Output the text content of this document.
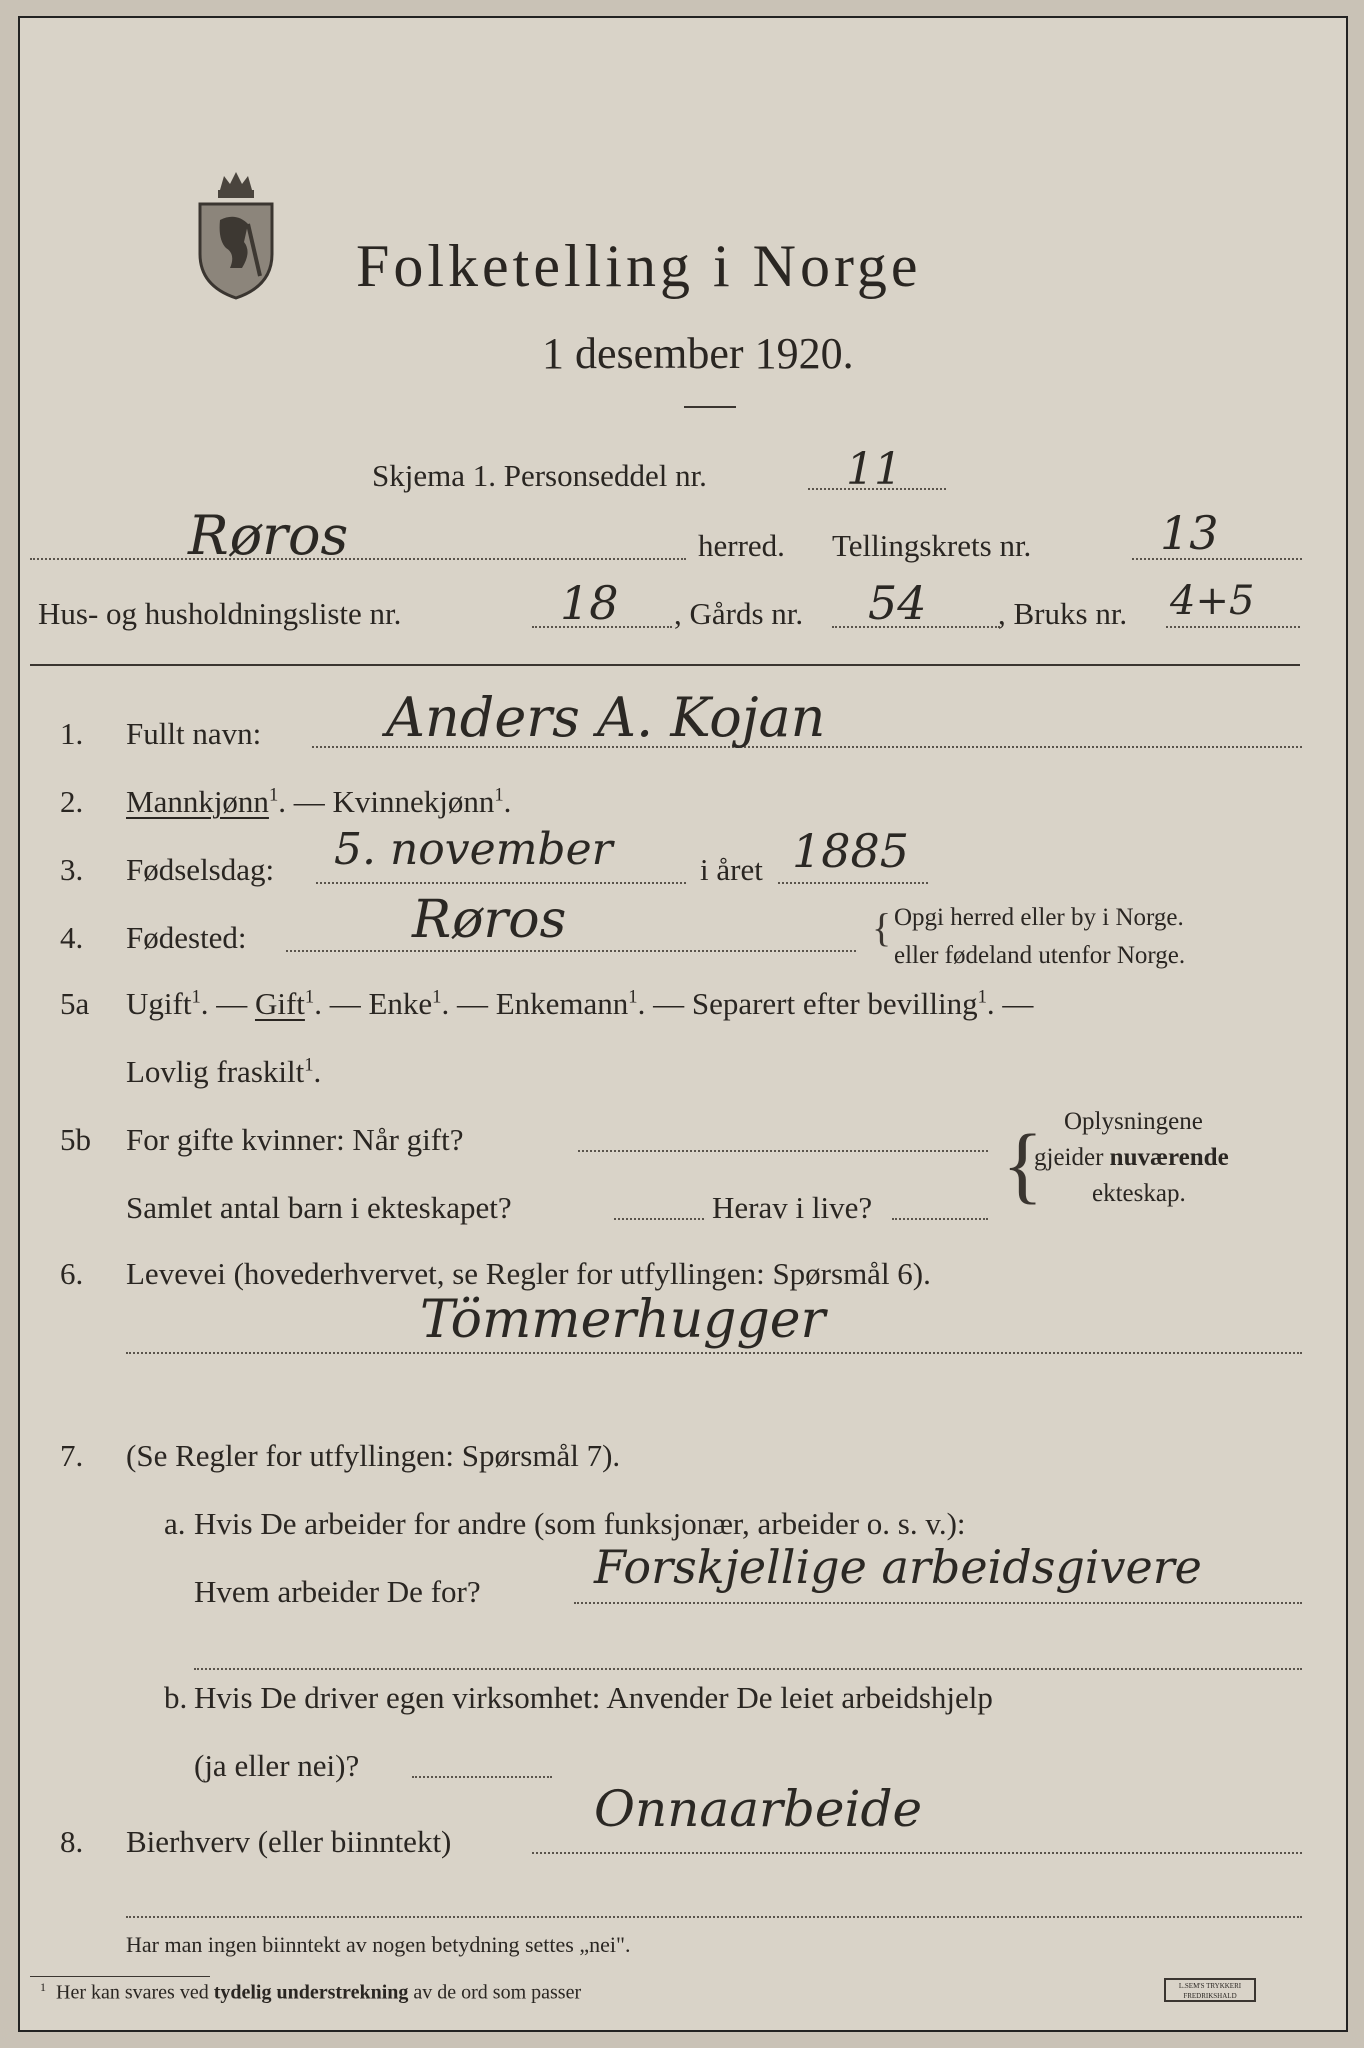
Folketelling i Norge
1 desember 1920.
Skjema 1. Personseddel nr.	11
Røros	herred. Tellingskrets nr.	13
Hus- og husholdningsliste nr.	18 , Gårds nr. 54 , Bruks nr. 4+5
1. Fullt navn: Anders A. Kojan
2. Mannkjønn$^1$. — Kvinnekjønn$^1$.
3. Fødselsdag: 5. november	i året 1885
4. Fødested:	Røros	{ Opgi herred eller by i Norge.
eller fødeland utenfor Norge.
5a Ugift$^1$. — Gift$^1$. — Enke$^1$. — Enkemann$^1$. — Separert efter bevilling$^1$. —
Lovlig fraskilt$^1$.
5b For gifte kvinner: Når gift?
Samlet antal barn i ekteskapet?	Herav i live? { Oplysningene
gjeider nuværende
ekteskap.
6. Levevei (hovederhvervet, se Regler for utfyllingen: Spørsmål 6).
Tömmerhugger
7. (Se Regler for utfyllingen: Spørsmål 7).
a. Hvis De arbeider for andre (som funksjonær, arbeider o. s. v.):
Hvem arbeider De for? Forskjellige arbeidsgivere
b. Hvis De driver egen virksomhet: Anvender De leiet arbeidshjelp
(ja eller nei)?
8. Bierhverv (eller biinntekt)
Onnaarbeide
Har man ingen biinntekt av nogen betydning settes „nei".
$^1$ Her kan svares ved tydelig understrekning av de ord som passer	L.SEM'S TRYKKERI FREDRIKSHALD
